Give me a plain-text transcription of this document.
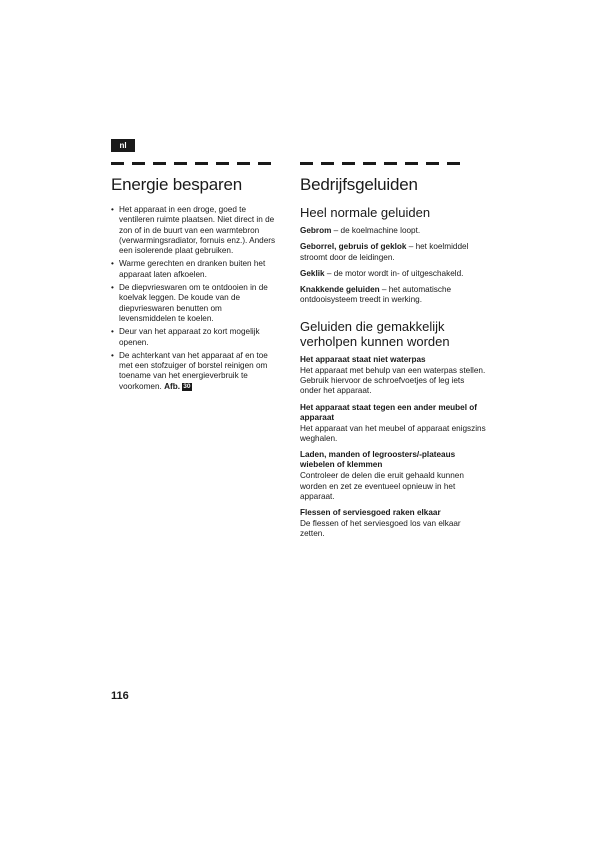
nl
Energie besparen
• Het apparaat in een droge, goed te ventileren ruimte plaatsen. Niet direct in de zon of in de buurt van een warmtebron (verwarmingsradiator, fornuis enz.). Anders een isolerende plaat gebruiken.
• Warme gerechten en dranken buiten het apparaat laten afkoelen.
• De diepvrieswaren om te ontdooien in de koelvak leggen. De koude van de diepvrieswaren benutten om levensmiddelen te koelen.
• Deur van het apparaat zo kort mogelijk openen.
• De achterkant van het apparaat af en toe met een stofzuiger of borstel reinigen om toename van het energieverbruik te voorkomen. Afb. 30
Bedrijfsgeluiden
Heel normale geluiden

Gebrom – de koelmachine loopt.

Geborrel, gebruis of geklok – het koelmiddel stroomt door de leidingen.

Geklik – de motor wordt in- of uitgeschakeld.

Knakkende geluiden – het automatische ontdooisysteem treedt in werking.

Geluiden die gemakkelijk verholpen kunnen worden
Het apparaat staat niet waterpas
Het apparaat met behulp van een waterpas stellen. Gebruik hiervoor de schroefvoetjes of leg iets onder het apparaat.
Het apparaat staat tegen een ander meubel of apparaat
Het apparaat van het meubel of apparaat enigszins weghalen.
Laden, manden of legroosters/-plateaus wiebelen of klemmen
Controleer de delen die eruit gehaald kunnen worden en zet ze eventueel opnieuw in het apparaat.
Flessen of serviesgoed raken elkaar
De flessen of het serviesgoed los van elkaar zetten.
116
